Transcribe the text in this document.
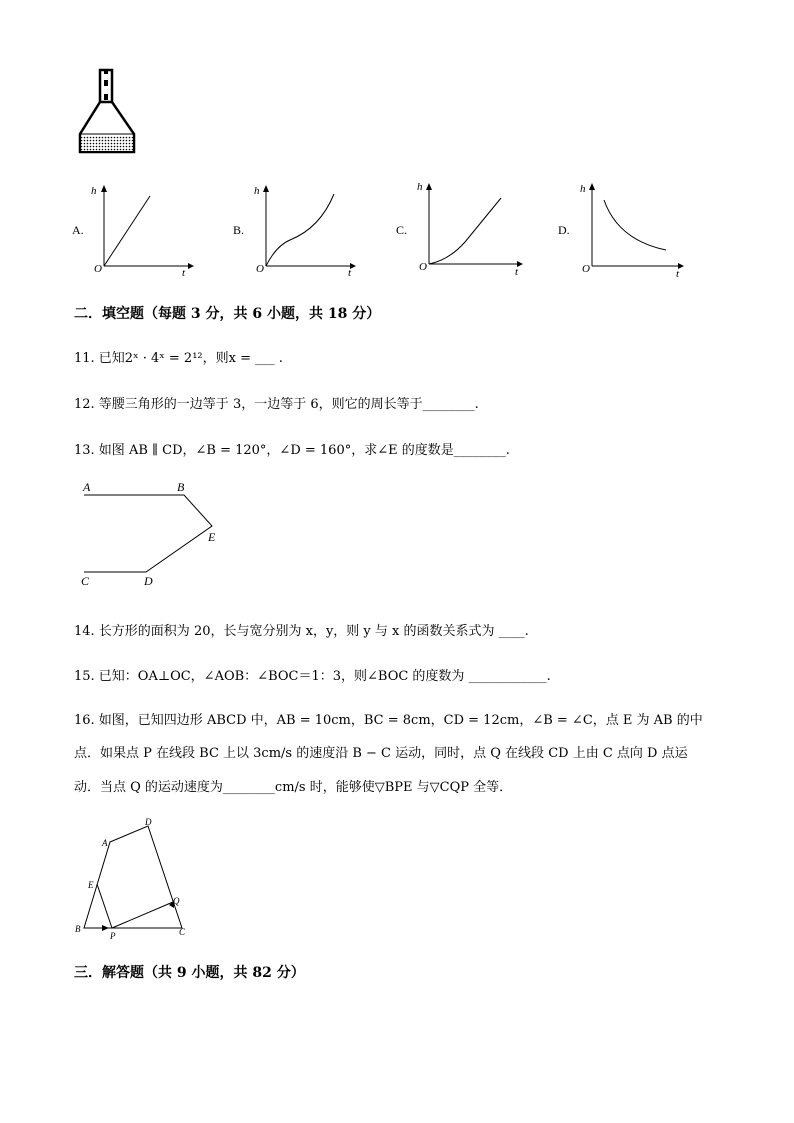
A.
h
t
O
B.
h
t
O
C.
h
t
O
D.
h
t
O
二．填空题（每题 3 分，共 6 小题，共 18 分）
11. 已知2ˣ · 4ˣ = 2¹²，则x = ___ .
12. 等腰三角形的一边等于 3，一边等于 6，则它的周长等于________.
13. 如图 AB ∥ CD，∠B = 120°，∠D = 160°，求∠E 的度数是________.
A	B
E
C	D
14. 长方形的面积为 20，长与宽分别为 x，y，则 y 与 x 的函数关系式为 ____.
15. 已知：OA⊥OC，∠AOB：∠BOC＝1：3，则∠BOC 的度数为 ____________.
16. 如图，已知四边形 ABCD 中，AB = 10cm，BC = 8cm，CD = 12cm，∠B = ∠C，点 E 为 AB 的中
点．如果点 P 在线段 BC 上以 3cm/s 的速度沿 B − C 运动，同时，点 Q 在线段 CD 上由 C 点向 D 点运
动．当点 Q 的运动速度为________cm/s 时，能够使▽BPE 与▽CQP 全等．
A
D
E
Q
B
P	C
三．解答题（共 9 小题，共 82 分）
